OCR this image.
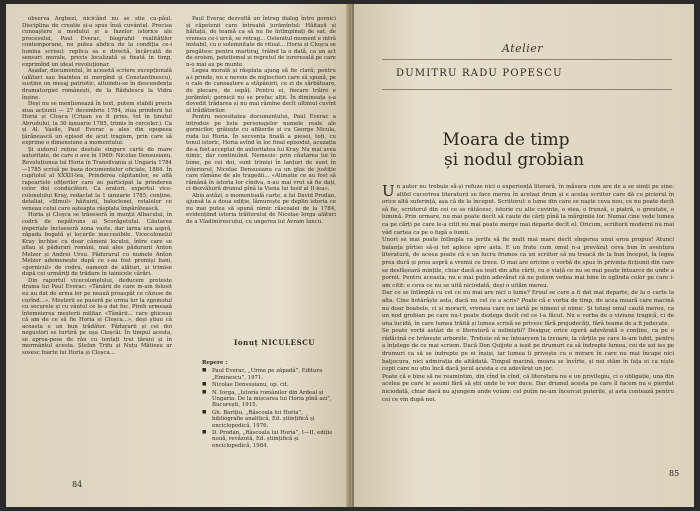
observa Arghezi, nicicând nu se stie cu-păul. Disciplina de creatie și-a spus însă cuvântul. Precisa cunoaștere a modului și a fazelor istorice ale procesului, Paul Everac, biograful realităților contemporane, nu putea abdica de la condiția ce-i lumina scrisul: replica sa e directă, încărcată de sensuri morale, precis localizată și fixată în timp, exprimînd un ideal revoluționar.

Așadar, documentul, în această scriere excepțională (alături sau înaintea ei mergînd și Constantinescu), susține un mesaj patriotic, altuindu-se în descendența dramaturgiei românești, de la Rădulescu la Vidra înșine.

Deși nu se menționează în text, putem stabili precis ziua acțiunii — 27 decembrie 1784, ziua prinderii lui Horia și Cloșca (Crișan va fi prins, tot în ținutul Abrudului, la 30 ianuarie 1785, trimis în cerceler.). Ca și Al. Vasile, Paul Everac a ales din epopeea țărănească un episod de acut tragism, prin care să exprime o dimensiune a momentului.

Și autorul reține destule singure carte de mare autoritate, de care o ave în 1969: Nicolae Densusianu, Revoluțiunea lui Horia în Transilvania și Ungaria 1784—1785 scrisă pe baza documentelor oficiale, 1884. În capitolul al XXXII-lea, Prinderea căpitanilor, se află rapoartele ofițerilor care au participat la prinderea celor doi conducători. Ca oratori, expertul vice-colonelului Kray, redactat la 1 ianuarie 1785, conține, detaliat, «filmul» hăituirii, baloclenei, retalelor ce veneau celui care așteapta răsplata împărătească.

Horia și Cloșca se trăseseră în munții Albacului, în codrii de nepătruns ai Scorăgetului. Căutarea imperiale înciseseră zona vaste, dar iarna era aspră, zăpada bogată și locurile inaccesibile. Vicecolonelul Kray închise cu doar câmeni locului, între care se aflau și pădurari români, mai ales pădurarii Anton Melzer și Andrei Ursu. Pădurarul cu numele Anton Melzer ademenește după ce i-au fost promiși bani, «gornicul» de codru, oamenii de alături, și trimise după cei urmăriți de trădare în tainicele cărări.

Din raportul vicecolonelului, deducem proteste drama lui Paul Everac: «Tânării de care m-am folosit eu au dat de urma lor pe neauă proaspăt ce căzuse de curînd...». Meșterii se puseră pe urma lor la zgomotul cu securele și cu vântul ce le-a dat foc. Pireh urmează întemeierea meșterii militar. «Tânării... care ghiceau că am de ce să fie Horia și Cloșca...», deși știau că aceasta e un bun trădător. Pădurarii și cei doi negustori se turtiră pe ușa Cloșcăi. În timpul acesta, se aproa-pese de râu cu tentați trei țărani și în mormântul acesta. Ștefan Trifu și Nuțu Mătieșu ar sosesc foarte lui Horia și Cloșca...

Paul Everac dezvoltă un întreg dialog între gornici și căpetenii care întreabă jurămîntul: Hăitașii și hăitații, de teamă ca să nu fie întîmpinați de sat, de vremea ce-i urcă, se retrag... Ostenitul moment e intră instabil, cu o solemnitate de ritual... Horia și Cloșca se pregătesc pentru martiraj, trăind la o dată, ca un act de eroism, patetismul și regretul de iureresală pe care n-o mai au pe munte.

Legea morală și răsplata ajung să fie clară; pentru a-i prinde, nu e nevoie de mijlocitori care să spună, pe o cale de cunoaștere a stăpânirii, ce zi de sărbătoare, de plecare, de ospăț. Pentru ei, fiecare trăire e jurămînt; gornicii nu se prefac alții. În dimineața s-a dovedit trădarea și nu mai rămîne decît ultimul cuvînt al trădătorilor.

Pentru necesitatea documentului, Paul Everac a introdus pe lista personajelor numele reale ale gornicilor, grăiește cu afilierile și cu George Nicula, ruda lui Horia. În secvența finală a piesei, toți, cu tonul istoric, Horia avînd în loc final episodul, acuzația de-a fost acceptat de autoritatea lui Kray. Nu mai avea nimic, dar continuînd. Nemesis: prin căutarea lui în lume, pe cei doi, sunt trimiși în lanțuri de sunt în interiorul, Nicolae Densusianu ca un glas de justiție care rămâne de ale tragedii... «Alimatie ce au fost să rămână în istoria lor cîndva, n-au mai vrut să fie dați, ci dezvăluiră drumul pînă la Viena lui Iosif al II-lea».

Abia astăzi, o momentuală carte, a lui David Prodan, ajunsă la a doua ediție, lămurește pe deplin istoria ce nu mai putea să spună nimic răscoalei de la 1784, evidențiind istoria trăitorului de Nicolae Iorga alături de a Vladimirescului, cu ungerea lui Avram Iancu.

Ionuț NICULESCU
Repere :
■ Paul Everac, „Urme pe zăpadă”, Editura „Eminescu”, 1971.
■ Nicolae Densușianu, op. cit.
■ N. Iorga, „Istoria românilor din Ardeal și Ungaria. De la mișcarea lui Horia pînă azi”, București, 1915.
■ Gh. Bariţiu, „Răscoala lui Horia”, bibliografie analitică, Ed. științifică și enciclopedică, 1976.
■ D. Prodan, „Răscoala lui Horia”, I—II, ediție nouă, revăzută, Ed. științifică și enciclopedică, 1984.
84
Atelier
DUMITRU RADU POPESCU
Moara de timp
și nodul grobian

Un autor nu trebuie să-și refuze nici o experiență literară, în măsura cum are de a se simți pe sine: altfel cucerirea literaturii se face mereu în același drum și e acelaș scriitor care dă cu piciorul în orice altă suferință, așa că de la început. Scriitorul: o lume din care se naște ceva nou, ce nu poate decît să fie, scriitorul din cei ce se rătăcesc, istorie cu alte cuvinte, o stea, o frunză, o piatră, o greutate, o lumină. Prin urmare, nu mai poate decît să caute de cărți pînă la mărginile lor. Numai cine vede lumea ca pe cărți pe care le-a citit nu mai poate merge mai departe decît el. Oricum, scriitorii moderni nu mai văd cartea ca pe o fugă a lumii.

Unori se mai poate întîmpla ca jertfa să fie mult mai mare decît sîngerea unui erou propus! Atunci balanța pîrtiei să-și tot aplece spre asta. E un frate cum omul n-a prevăzut ceva bun în aventura literaturii, de aceea poate că e un lucru frumos ca un scriitor să nu treacă de la bun început, la legea prea dură și prea aspră a vremii ce trece. O mai are oricine o vorbă de spus în privința ficțiunii din care se desfășoară mințile, chiar dacă au ieșit din alte cărți, cu o viață ce nu se mai poate întoarce de unde a pornit. Pentru aceasta, nu e mai puțin adevărat că ne putem vedea mai bine în oglinda celor pe care i-am citit: e ceva ce nu se uită niciodată, deși o uităm mereu.

Dar ce se întîmplă cu cel ce nu mai are nici o lume? Eroul se cere a fi dat mai departe, de la o carte la alta. Cine hotărăște asta, dacă nu cel ce a scris? Poate că e vorba de timp, de acea moară care macină nu doar boabele, ci și morarii, vremea care nu iartă pe nimeni și nimic. Și totuși omul caută mereu, ca un nod grobian pe care nu-l poate dezlega decît cel ce l-a făcut. Nu e vorba de o viziune tragică, ci de una lucidă, în care lumea trăită și lumea scrisă se privesc fără prejudecăți, fără teama de a fi judecate.

Se poate vorbi astăzi de o literatură a neliniștii? Desigur, orice operă adevărată o conține, ca pe o rădăcină ce hrănește arborele. Trebuie să ne întoarcem la izvoare, la cărțile pe care le-am iubit, pentru a înțelege de ce mai scriem. Dacă Don Quijote a ieșit pe drumuri ca să îndrepte lumea, cei de azi ies pe drumuri ca să se îndrepte pe ei înșiși, iar lumea îi privește cu o mirare în care nu mai încape nici batjocura, nici admirația de altădată. Timpul macină, moara se învîrte, și noi stăm în fața ei ca niște copii care nu știu încă dacă jocul acesta e cu adevărat un joc.

Poate că e bine să ne reamintim, din cînd în cînd, că literatura nu e un privilegiu, ci o obligație, una din acelea pe care le asumi fără să știi unde te vor duce. Dar drumul acesta pe care îl facem nu e pierdut niciodată, chiar dacă nu ajungem unde voiam: cel puțin ne-am încercat puterile, și asta contează pentru cei ce vin după noi.

85
